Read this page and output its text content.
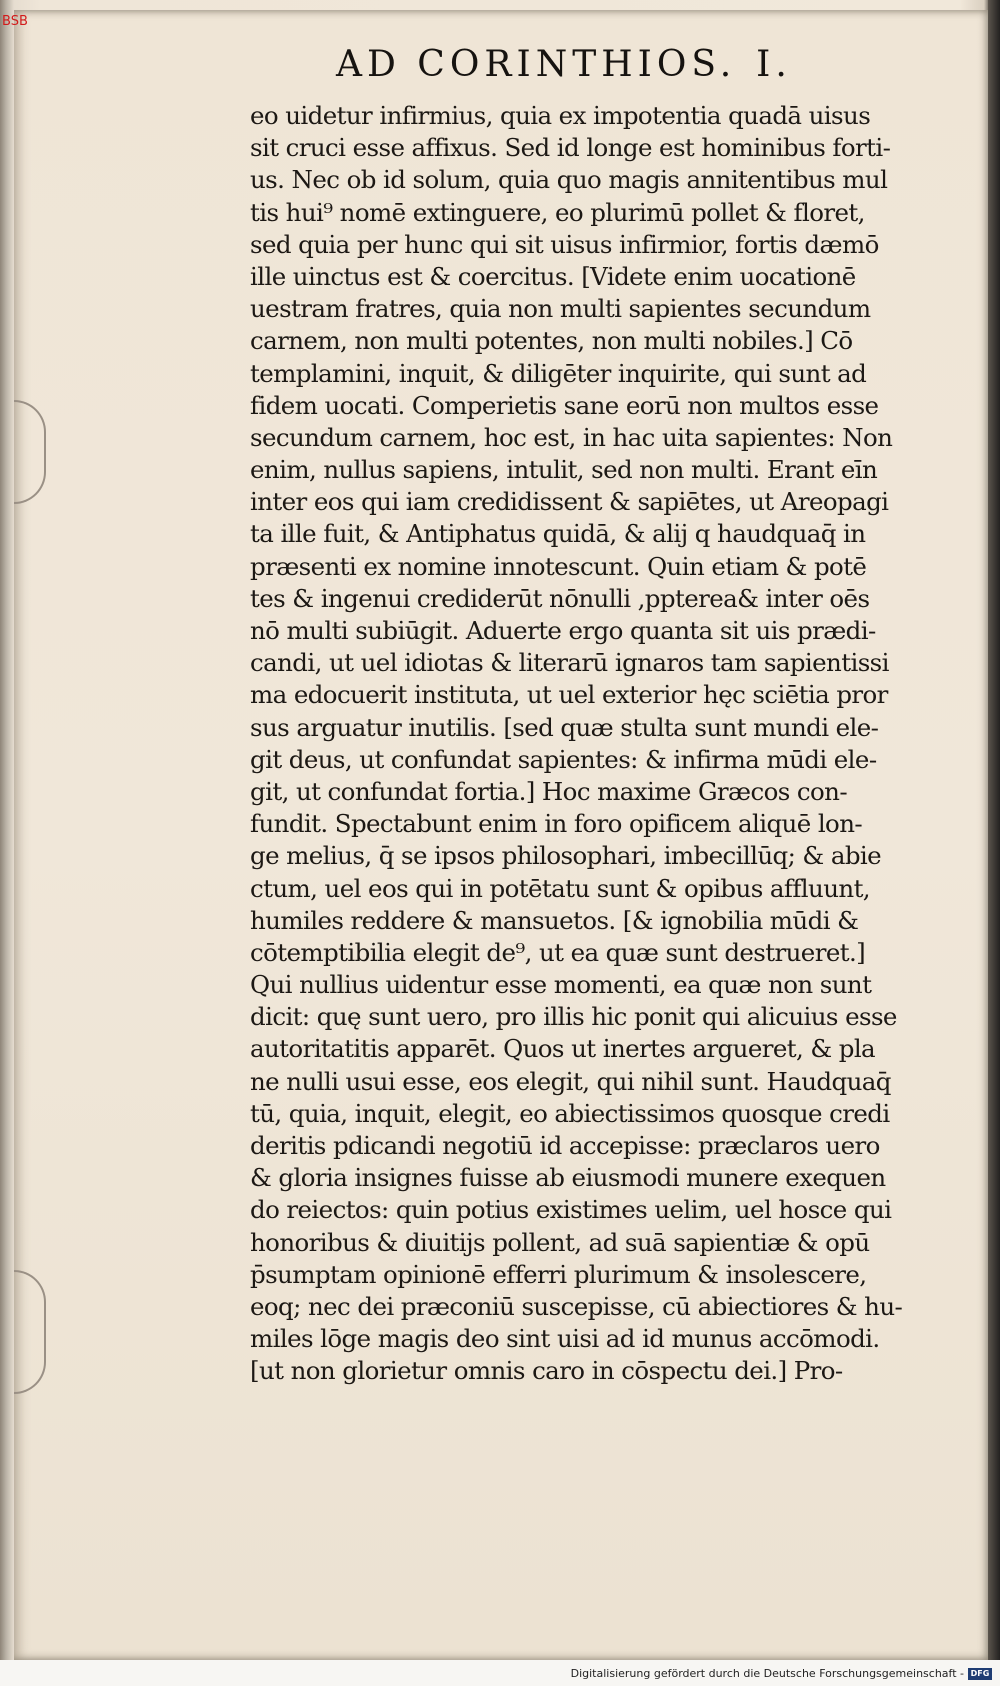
BSB
AD CORINTHIOS. I.
eo uidetur infirmius, quia ex impotentia quadā uisus
sit cruci esse affixus. Sed id longe est hominibus forti-
us. Nec ob id solum, quia quo magis annitentibus mul
tis hui⁹ nomē extinguere, eo plurimū pollet & floret,
sed quia per hunc qui sit uisus infirmior, fortis dæmō
ille uinctus est & coercitus. [Videte enim uocationē
uestram fratres, quia non multi sapientes secundum
carnem, non multi potentes, non multi nobiles.] Cō
templamini, inquit, & diligēter inquirite, qui sunt ad
fidem uocati. Comperietis sane eorū non multos esse
secundum carnem, hoc est, in hac uita sapientes: Non
enim, nullus sapiens, intulit, sed non multi. Erant eīn
inter eos qui iam credidissent & sapiētes, ut Areopagi
ta ille fuit, & Antiphatus quidā, & alij q haudquaq̄ in
præsenti ex nomine innotescunt. Quin etiam & potē
tes & ingenui crediderūt nōnulli ,ppterea& inter oēs
nō multi subiūgit. Aduerte ergo quanta sit uis prædi-
candi, ut uel idiotas & literarū ignaros tam sapientissi
ma edocuerit instituta, ut uel exterior hęc sciētia pror
sus arguatur inutilis. [sed quæ stulta sunt mundi ele-
git deus, ut confundat sapientes: & infirma mūdi ele-
git, ut confundat fortia.] Hoc maxime Græcos con-
fundit. Spectabunt enim in foro opificem aliquē lon-
ge melius, q̄ se ipsos philosophari, imbecillūq; & abie
ctum, uel eos qui in potētatu sunt & opibus affluunt,
humiles reddere & mansuetos. [& ignobilia mūdi &
cōtemptibilia elegit de⁹, ut ea quæ sunt destrueret.]
Qui nullius uidentur esse momenti, ea quæ non sunt
dicit: quę sunt uero, pro illis hic ponit qui alicuius esse
autoritatitis apparēt. Quos ut inertes argueret, & pla
ne nulli usui esse, eos elegit, qui nihil sunt. Haudquaq̄
tū, quia, inquit, elegit, eo abiectissimos quosque credi
deritis pdicandi negotiū id accepisse: præclaros uero
& gloria insignes fuisse ab eiusmodi munere exequen
do reiectos: quin potius existimes uelim, uel hosce qui
honoribus & diuitijs pollent, ad suā sapientiæ & opū
p̄sumptam opinionē efferri plurimum & insolescere,
eoq; nec dei præconiū suscepisse, cū abiectiores & hu-
miles lōge magis deo sint uisi ad id munus accōmodi.
[ut non glorietur omnis caro in cōspectu dei.] Pro-
Digitalisierung gefördert durch die Deutsche Forschungsgemeinschaft - DFG
